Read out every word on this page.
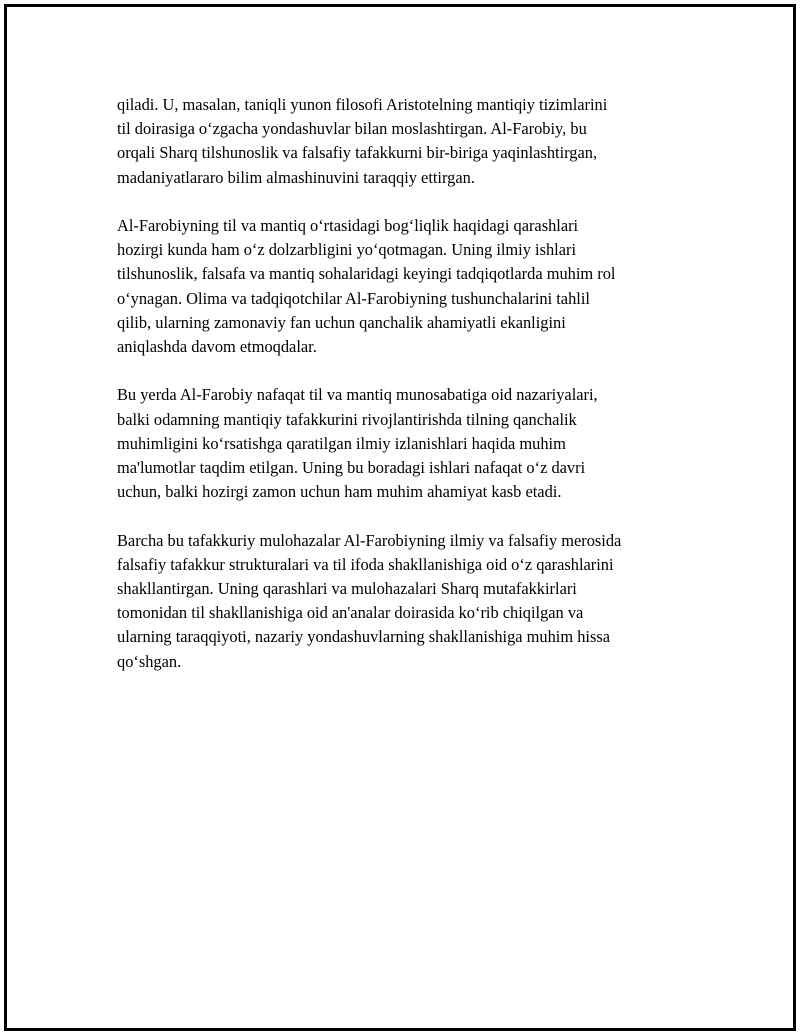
qiladi. U, masalan, taniqli yunon filosofi Aristotelning mantiqiy tizimlarini
til doirasiga o‘zgacha yondashuvlar bilan moslashtirgan. Al-Farobiy, bu
orqali Sharq tilshunoslik va falsafiy tafakkurni bir-biriga yaqinlashtirgan,
madaniyatlararo bilim almashinuvini taraqqiy ettirgan.

Al-Farobiyning til va mantiq o‘rtasidagi bog‘liqlik haqidagi qarashlari
hozirgi kunda ham o‘z dolzarbligini yo‘qotmagan. Uning ilmiy ishlari
tilshunoslik, falsafa va mantiq sohalaridagi keyingi tadqiqotlarda muhim rol
o‘ynagan. Olima va tadqiqotchilar Al-Farobiyning tushunchalarini tahlil
qilib, ularning zamonaviy fan uchun qanchalik ahamiyatli ekanligini
aniqlashda davom etmoqdalar.

Bu yerda Al-Farobiy nafaqat til va mantiq munosabatiga oid nazariyalari,
balki odamning mantiqiy tafakkurini rivojlantirishda tilning qanchalik
muhimligini ko‘rsatishga qaratilgan ilmiy izlanishlari haqida muhim
ma'lumotlar taqdim etilgan. Uning bu boradagi ishlari nafaqat o‘z davri
uchun, balki hozirgi zamon uchun ham muhim ahamiyat kasb etadi.

Barcha bu tafakkuriy mulohazalar Al-Farobiyning ilmiy va falsafiy merosida
falsafiy tafakkur strukturalari va til ifoda shakllanishiga oid o‘z qarashlarini
shakllantirgan. Uning qarashlari va mulohazalari Sharq mutafakkirlari
tomonidan til shakllanishiga oid an'analar doirasida ko‘rib chiqilgan va
ularning taraqqiyoti, nazariy yondashuvlarning shakllanishiga muhim hissa
qo‘shgan.
